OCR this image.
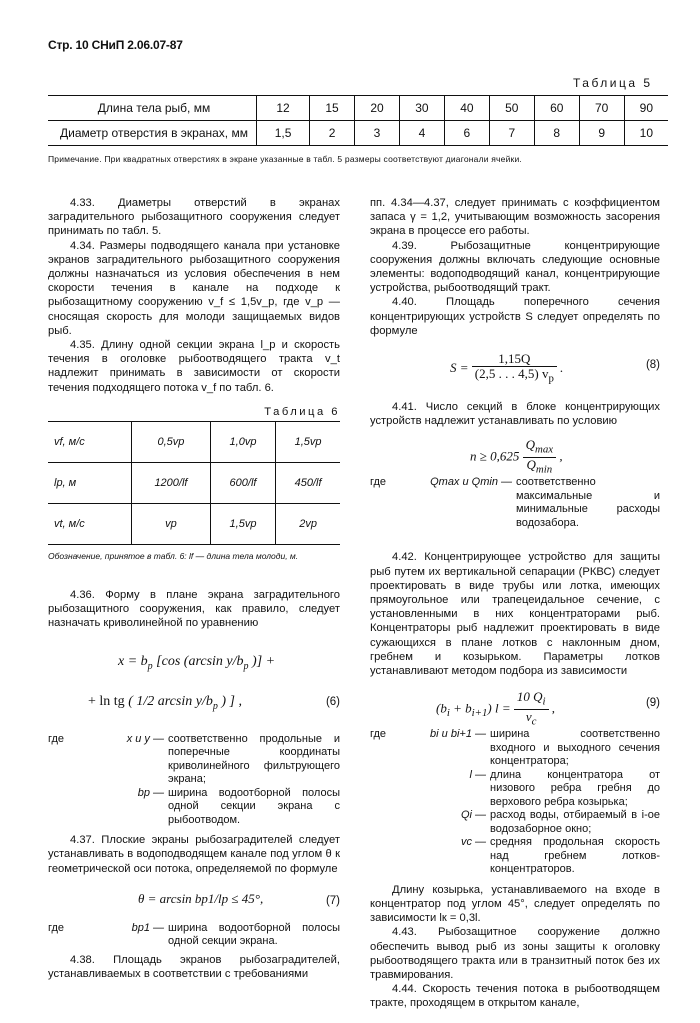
Стр. 10 СНиП 2.06.07-87
Таблица 5
Длина тела рыб, мм	12	15	20	30	40	50	60	70	90
Диаметр отверстия в экранах, мм	1,5	2	3	4	6	7	8	9	10
Примечание. При квадратных отверстиях в экране указанные в табл. 5 размеры соответствуют диагонали ячейки.

4.33. Диаметры отверстий в экранах заградительного рыбозащитного сооружения следует принимать по табл. 5.

4.34. Размеры подводящего канала при установке экранов заградительного рыбозащитного сооружения должны назначаться из условия обеспечения в нем скорости течения в канале на подходе к рыбозащитному сооружению v_f ≤ 1,5v_p, где v_p — сносящая скорость для молоди защищаемых видов рыб.

4.35. Длину одной секции экрана l_p и скорость течения в оголовке рыбоотводящего тракта v_t надлежит принимать в зависимости от скорости течения подходящего потока v_f по табл. 6.

Таблица 6
vf, м/с	0,5vp	1,0vp	1,5vp
lp, м	1200/lf	600/lf	450/lf
vt, м/с	vp	1,5vp	2vp
Обозначение, принятое в табл. 6: lf — длина тела молоди, м.

4.36. Форму в плане экрана заградительного рыбозащитного сооружения, как правило, следует назначать криволинейной по уравнению

$x = b_p$ [cos (arcsin $y/b_p$ )] +
+ ln tg ( 1/2 $\arcsin y/b_p$ ) ] ,	(6)
где	x и y — соответственно продольные и поперечные координаты криволинейного фильтрующего экрана;
bp — ширина водоотборной полосы одной секции экрана с рыбоотводом.

4.37. Плоские экраны рыбозаградителей следует устанавливать в водоподводящем канале под углом θ к геометрической оси потока, определяемой по формуле

θ = arcsin bp1/lp ≤ 45°,	(7)
где	bp1 — ширина водоотборной полосы одной секции экрана.

4.38. Площадь экранов рыбозаградителей, устанавливаемых в соответствии с требованиями

пп. 4.34—4.37, следует принимать с коэффициентом запаса γ = 1,2, учитывающим возможность засорения экрана в процессе его работы.

4.39. Рыбозащитные концентрирующие сооружения должны включать следующие основные элементы: водоподводящий канал, концентрирующие устройства, рыбоотводящий тракт.

4.40. Площадь поперечного сечения концентрирующих устройств S следует определять по формуле

$S = \frac{1,15Q}{(2,5 . . . 4,5) v_p}$ .	(8)

4.41. Число секций в блоке концентрирующих устройств надлежит устанавливать по условию

$n \ge 0,625 \frac{Q_{max}}{Q_{min}}$ ,
где	Qmax и Qmin — соответственно максимальные и минимальные расходы водозабора.

4.42. Концентрирующее устройство для защиты рыб путем их вертикальной сепарации (РКВС) следует проектировать в виде трубы или лотка, имеющих прямоугольное или трапецеидальное сечение, с установленными в них концентраторами рыб. Концентраторы рыб надлежит проектировать в виде сужающихся в плане лотков с наклонным дном, гребнем и козырьком. Параметры лотков устанавливают методом подбора из зависимости

$(b_i + b_{i+1}) l = \frac{10 Q_i}{v_c}$ ,	(9)
где	bi и bi+1 — ширина соответственно входного и выходного сечения концентратора;
l — длина концентратора от низового ребра гребня до верхового ребра козырька;
Qi — расход воды, отбираемый в i-ое водозаборное окно;
vc — средняя продольная скорость над гребнем лотков-концентраторов.

Длину козырька, устанавливаемого на входе в концентратор под углом 45°, следует определять по зависимости lк = 0,3l.

4.43. Рыбозащитное сооружение должно обеспечить вывод рыб из зоны защиты к оголовку рыбоотводящего тракта или в транзитный поток без их травмирования.

4.44. Скорость течения потока в рыбоотводящем тракте, проходящем в открытом канале,
